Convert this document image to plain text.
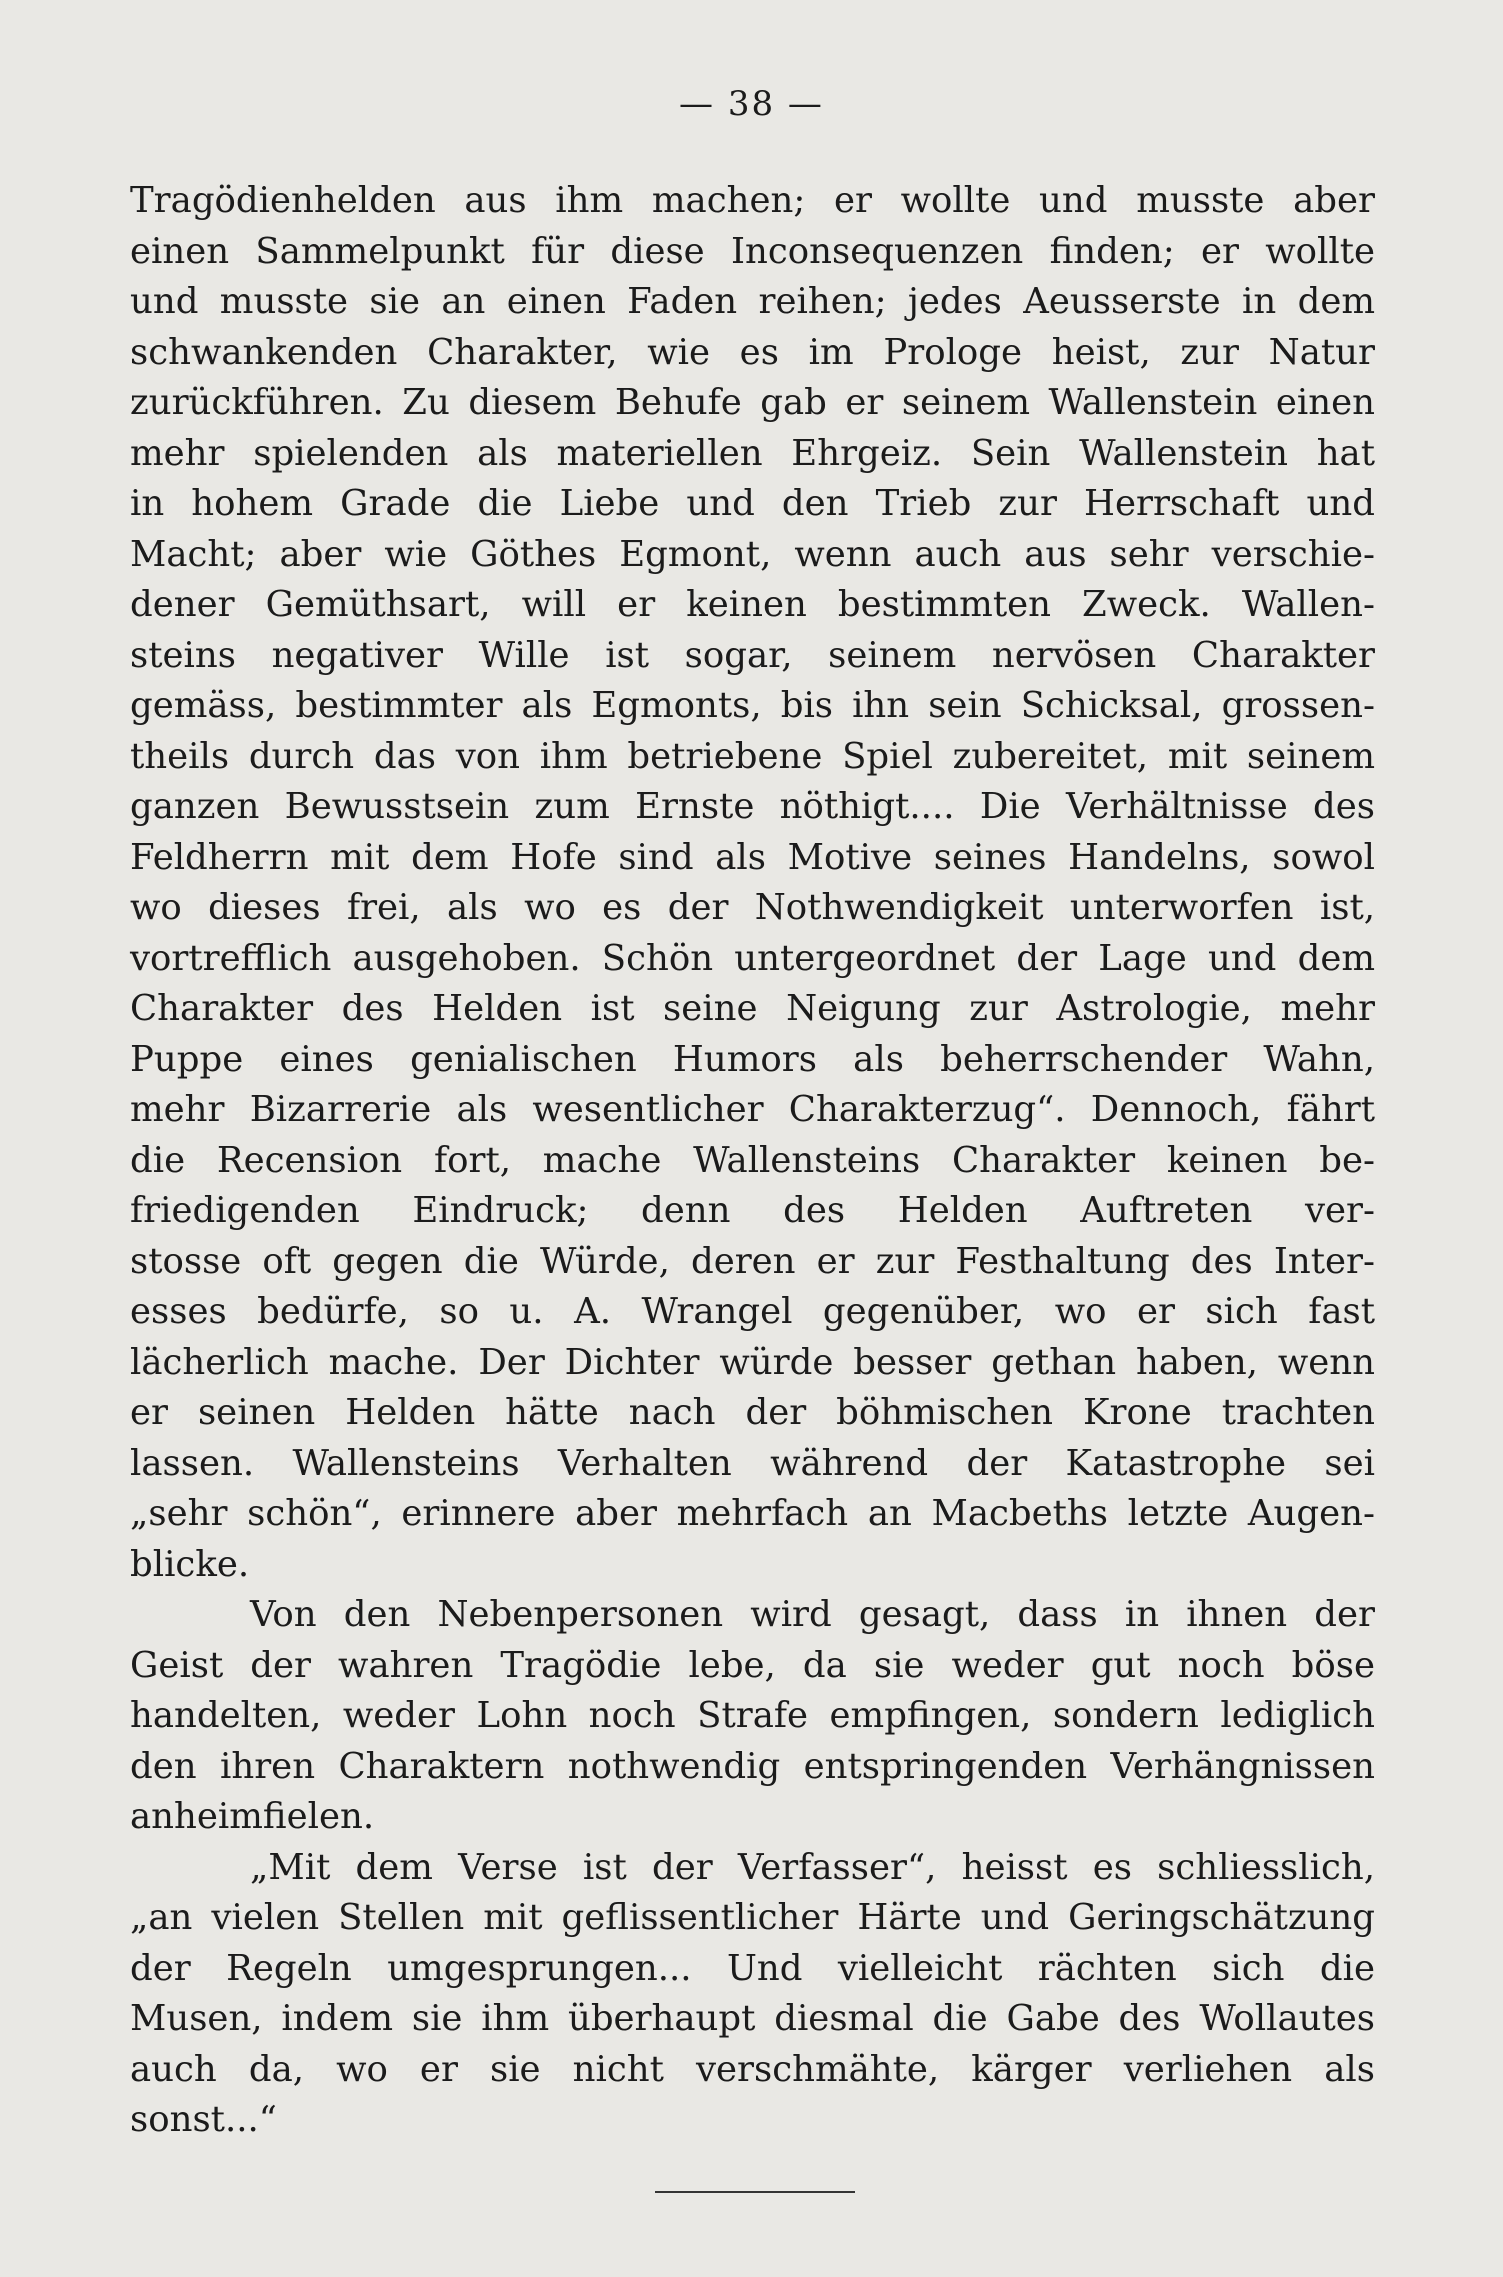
— 38 —
Tragödienhelden aus ihm machen; er wollte und musste aber
einen Sammelpunkt für diese Inconsequenzen finden; er wollte
und musste sie an einen Faden reihen; jedes Aeusserste in dem
schwankenden Charakter, wie es im Prologe heist, zur Natur
zurückführen. Zu diesem Behufe gab er seinem Wallenstein einen
mehr spielenden als materiellen Ehrgeiz. Sein Wallenstein hat
in hohem Grade die Liebe und den Trieb zur Herrschaft und
Macht; aber wie Göthes Egmont, wenn auch aus sehr verschie-
dener Gemüthsart, will er keinen bestimmten Zweck. Wallen-
steins negativer Wille ist sogar, seinem nervösen Charakter
gemäss, bestimmter als Egmonts, bis ihn sein Schicksal, grossen-
theils durch das von ihm betriebene Spiel zubereitet, mit seinem
ganzen Bewusstsein zum Ernste nöthigt.... Die Verhältnisse des
Feldherrn mit dem Hofe sind als Motive seines Handelns, sowol
wo dieses frei, als wo es der Nothwendigkeit unterworfen ist,
vortrefflich ausgehoben. Schön untergeordnet der Lage und dem
Charakter des Helden ist seine Neigung zur Astrologie, mehr
Puppe eines genialischen Humors als beherrschender Wahn,
mehr Bizarrerie als wesentlicher Charakterzug“. Dennoch, fährt
die Recension fort, mache Wallensteins Charakter keinen be-
friedigenden Eindruck; denn des Helden Auftreten ver-
stosse oft gegen die Würde, deren er zur Festhaltung des Inter-
esses bedürfe, so u. A. Wrangel gegenüber, wo er sich fast
lächerlich mache. Der Dichter würde besser gethan haben, wenn
er seinen Helden hätte nach der böhmischen Krone trachten
lassen. Wallensteins Verhalten während der Katastrophe sei
„sehr schön“, erinnere aber mehrfach an Macbeths letzte Augen-
blicke.
Von den Nebenpersonen wird gesagt, dass in ihnen der
Geist der wahren Tragödie lebe, da sie weder gut noch böse
handelten, weder Lohn noch Strafe empfingen, sondern lediglich
den ihren Charaktern nothwendig entspringenden Verhängnissen
anheimfielen.
„Mit dem Verse ist der Verfasser“, heisst es schliesslich,
„an vielen Stellen mit geflissentlicher Härte und Geringschätzung
der Regeln umgesprungen... Und vielleicht rächten sich die
Musen, indem sie ihm überhaupt diesmal die Gabe des Wollautes
auch da, wo er sie nicht verschmähte, kärger verliehen als
sonst...“
